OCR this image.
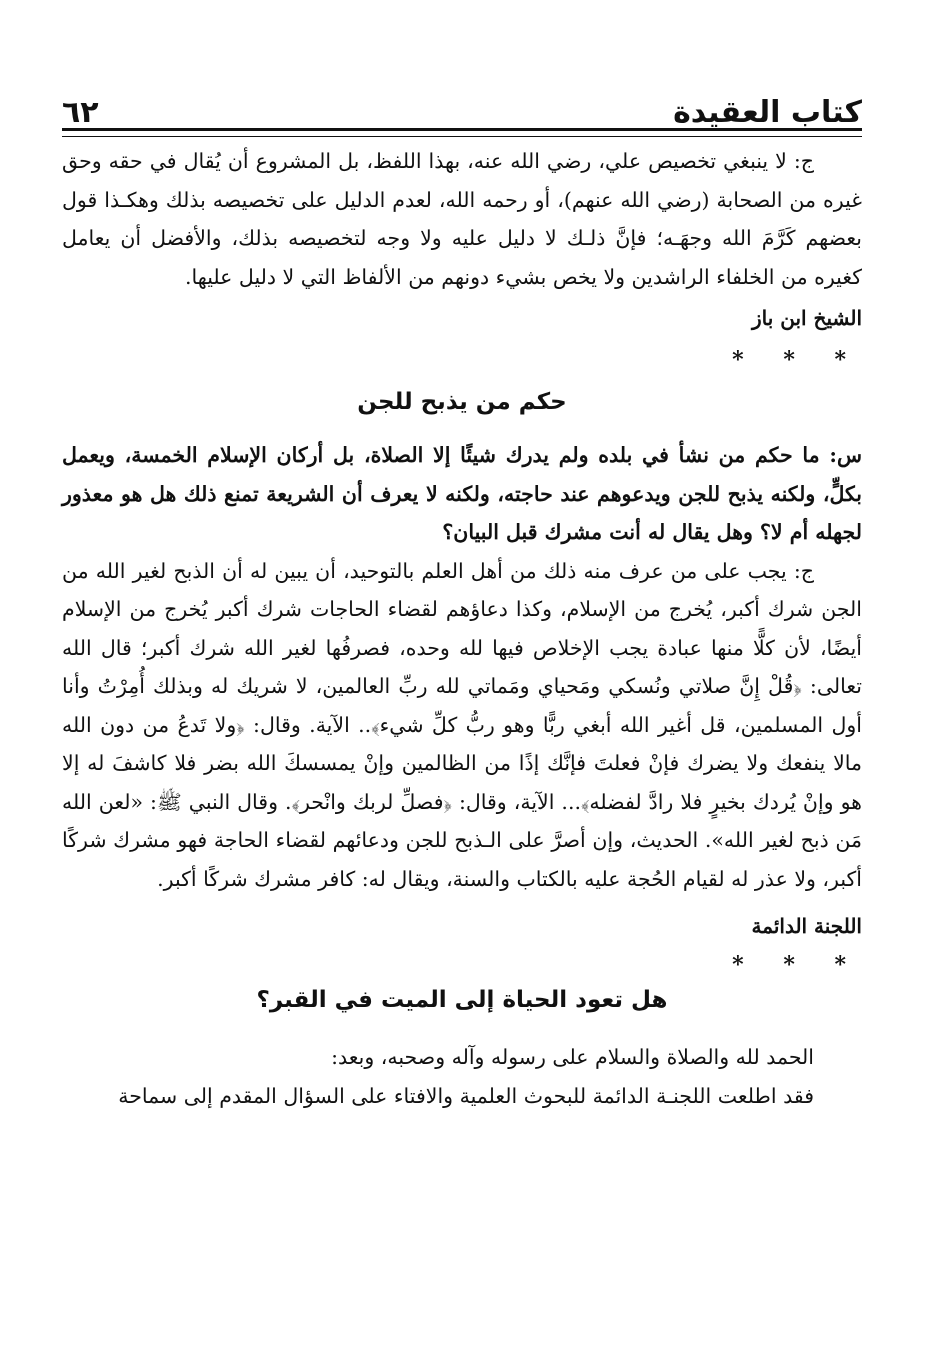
كتاب العقيدة
٦٢

ج: لا ينبغي تخصيص علي، رضي الله عنه، بهذا اللفظ، بل المشروع أن يُقال في حقه وحق غيره من الصحابة (رضي الله عنهم)، أو رحمه الله، لعدم الدليل على تخصيصه بذلك وهكـذا قول بعضهم كَرَّمَ الله وجهَـه؛ فإنَّ ذلـك لا دليل عليه ولا وجه لتخصيصه بذلك، والأفضل أن يعامل كغيره من الخلفاء الراشدين ولا يخص بشيء دونهم من الألفاظ التي لا دليل عليها.

الشيخ ابن باز

* * *

حكم من يذبح للجن

س: ما حكم من نشأ في بلده ولم يدرك شيئًا إلا الصلاة، بل أركان الإسلام الخمسة، ويعمل بكلٍّ، ولكنه يذبح للجن ويدعوهم عند حاجته، ولكنه لا يعرف أن الشريعة تمنع ذلك هل هو معذور لجهله أم لا؟ وهل يقال له أنت مشرك قبل البيان؟

ج: يجب على من عرف منه ذلك من أهل العلم بالتوحيد، أن يبين له أن الذبح لغير الله من الجن شرك أكبر، يُخرج من الإسلام، وكذا دعاؤهم لقضاء الحاجات شرك أكبر يُخرج من الإسلام أيضًا، لأن كلًّا منها عبادة يجب الإخلاص فيها لله وحده، فصرفُها لغير الله شرك أكبر؛ قال الله تعالى: ﴿قُلْ إِنَّ صلاتي ونُسكي ومَحياي ومَماتي لله ربِّ العالمين، لا شريك له وبذلك أُمِرْتُ وأنا أول المسلمين، قل أغير الله أبغي ربًّا وهو ربُّ كلِّ شيء﴾.. الآية. وقال: ﴿ولا تَدعُ من دون الله مالا ينفعك ولا يضرك فإنْ فعلتَ فإنَّك إذًا من الظالمين وإنْ يمسسكَ الله بضر فلا كاشفَ له إلا هو وإنْ يُردك بخيرٍ فلا رادَّ لفضله﴾... الآية، وقال: ﴿فصلِّ لربك وانْحر﴾. وقال النبي ﷺ: «لعن الله مَن ذبح لغير الله». الحديث، وإن أصرَّ على الـذبح للجن ودعائهم لقضاء الحاجة فهو مشرك شركًا أكبر، ولا عذر له لقيام الحُجة عليه بالكتاب والسنة، ويقال له: كافر مشرك شركًا أكبر.

اللجنة الدائمة

* * *

هل تعود الحياة إلى الميت في القبر؟

الحمد لله والصلاة والسلام على رسوله وآله وصحبه، وبعد:

فقد اطلعت اللجنـة الدائمة للبحوث العلمية والافتاء على السؤال المقدم إلى سماحة
